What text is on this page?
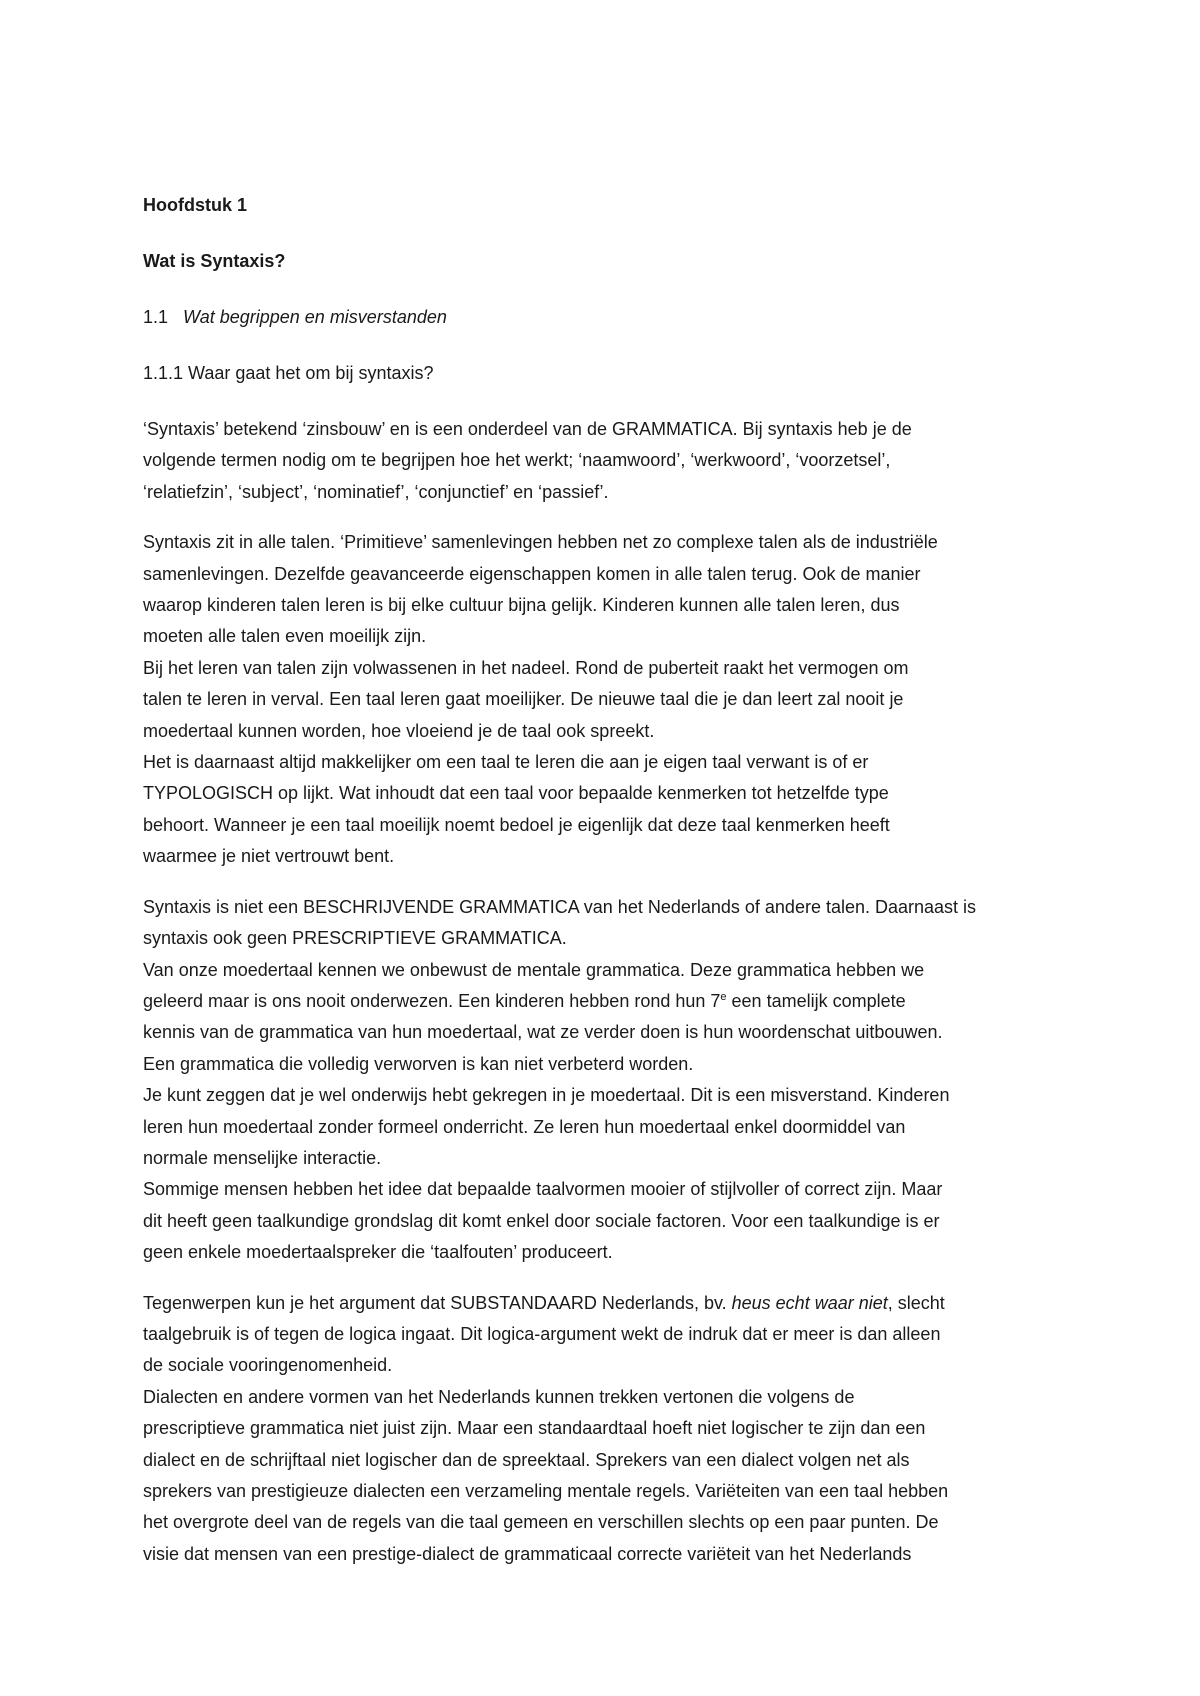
Hoofdstuk 1
Wat is Syntaxis?
1.1 Wat begrippen en misverstanden
1.1.1 Waar gaat het om bij syntaxis?
‘Syntaxis’ betekend ‘zinsbouw’ en is een onderdeel van de GRAMMATICA. Bij syntaxis heb je de
volgende termen nodig om te begrijpen hoe het werkt; ‘naamwoord’, ‘werkwoord’, ‘voorzetsel’,
‘relatiefzin’, ‘subject’, ‘nominatief’, ‘conjunctief’ en ‘passief’.
Syntaxis zit in alle talen. ‘Primitieve’ samenlevingen hebben net zo complexe talen als de industriële
samenlevingen. Dezelfde geavanceerde eigenschappen komen in alle talen terug. Ook de manier
waarop kinderen talen leren is bij elke cultuur bijna gelijk. Kinderen kunnen alle talen leren, dus
moeten alle talen even moeilijk zijn.
Bij het leren van talen zijn volwassenen in het nadeel. Rond de puberteit raakt het vermogen om
talen te leren in verval. Een taal leren gaat moeilijker. De nieuwe taal die je dan leert zal nooit je
moedertaal kunnen worden, hoe vloeiend je de taal ook spreekt.
Het is daarnaast altijd makkelijker om een taal te leren die aan je eigen taal verwant is of er
TYPOLOGISCH op lijkt. Wat inhoudt dat een taal voor bepaalde kenmerken tot hetzelfde type
behoort. Wanneer je een taal moeilijk noemt bedoel je eigenlijk dat deze taal kenmerken heeft
waarmee je niet vertrouwt bent.
Syntaxis is niet een BESCHRIJVENDE GRAMMATICA van het Nederlands of andere talen. Daarnaast is
syntaxis ook geen PRESCRIPTIEVE GRAMMATICA.
Van onze moedertaal kennen we onbewust de mentale grammatica. Deze grammatica hebben we
geleerd maar is ons nooit onderwezen. Een kinderen hebben rond hun 7e een tamelijk complete
kennis van de grammatica van hun moedertaal, wat ze verder doen is hun woordenschat uitbouwen.
Een grammatica die volledig verworven is kan niet verbeterd worden.
Je kunt zeggen dat je wel onderwijs hebt gekregen in je moedertaal. Dit is een misverstand. Kinderen
leren hun moedertaal zonder formeel onderricht. Ze leren hun moedertaal enkel doormiddel van
normale menselijke interactie.
Sommige mensen hebben het idee dat bepaalde taalvormen mooier of stijlvoller of correct zijn. Maar
dit heeft geen taalkundige grondslag dit komt enkel door sociale factoren. Voor een taalkundige is er
geen enkele moedertaalspreker die ‘taalfouten’ produceert.
Tegenwerpen kun je het argument dat SUBSTANDAARD Nederlands, bv. heus echt waar niet, slecht
taalgebruik is of tegen de logica ingaat. Dit logica-argument wekt de indruk dat er meer is dan alleen
de sociale vooringenomenheid.
Dialecten en andere vormen van het Nederlands kunnen trekken vertonen die volgens de
prescriptieve grammatica niet juist zijn. Maar een standaardtaal hoeft niet logischer te zijn dan een
dialect en de schrijftaal niet logischer dan de spreektaal. Sprekers van een dialect volgen net als
sprekers van prestigieuze dialecten een verzameling mentale regels. Variëteiten van een taal hebben
het overgrote deel van de regels van die taal gemeen en verschillen slechts op een paar punten. De
visie dat mensen van een prestige-dialect de grammaticaal correcte variëteit van het Nederlands
